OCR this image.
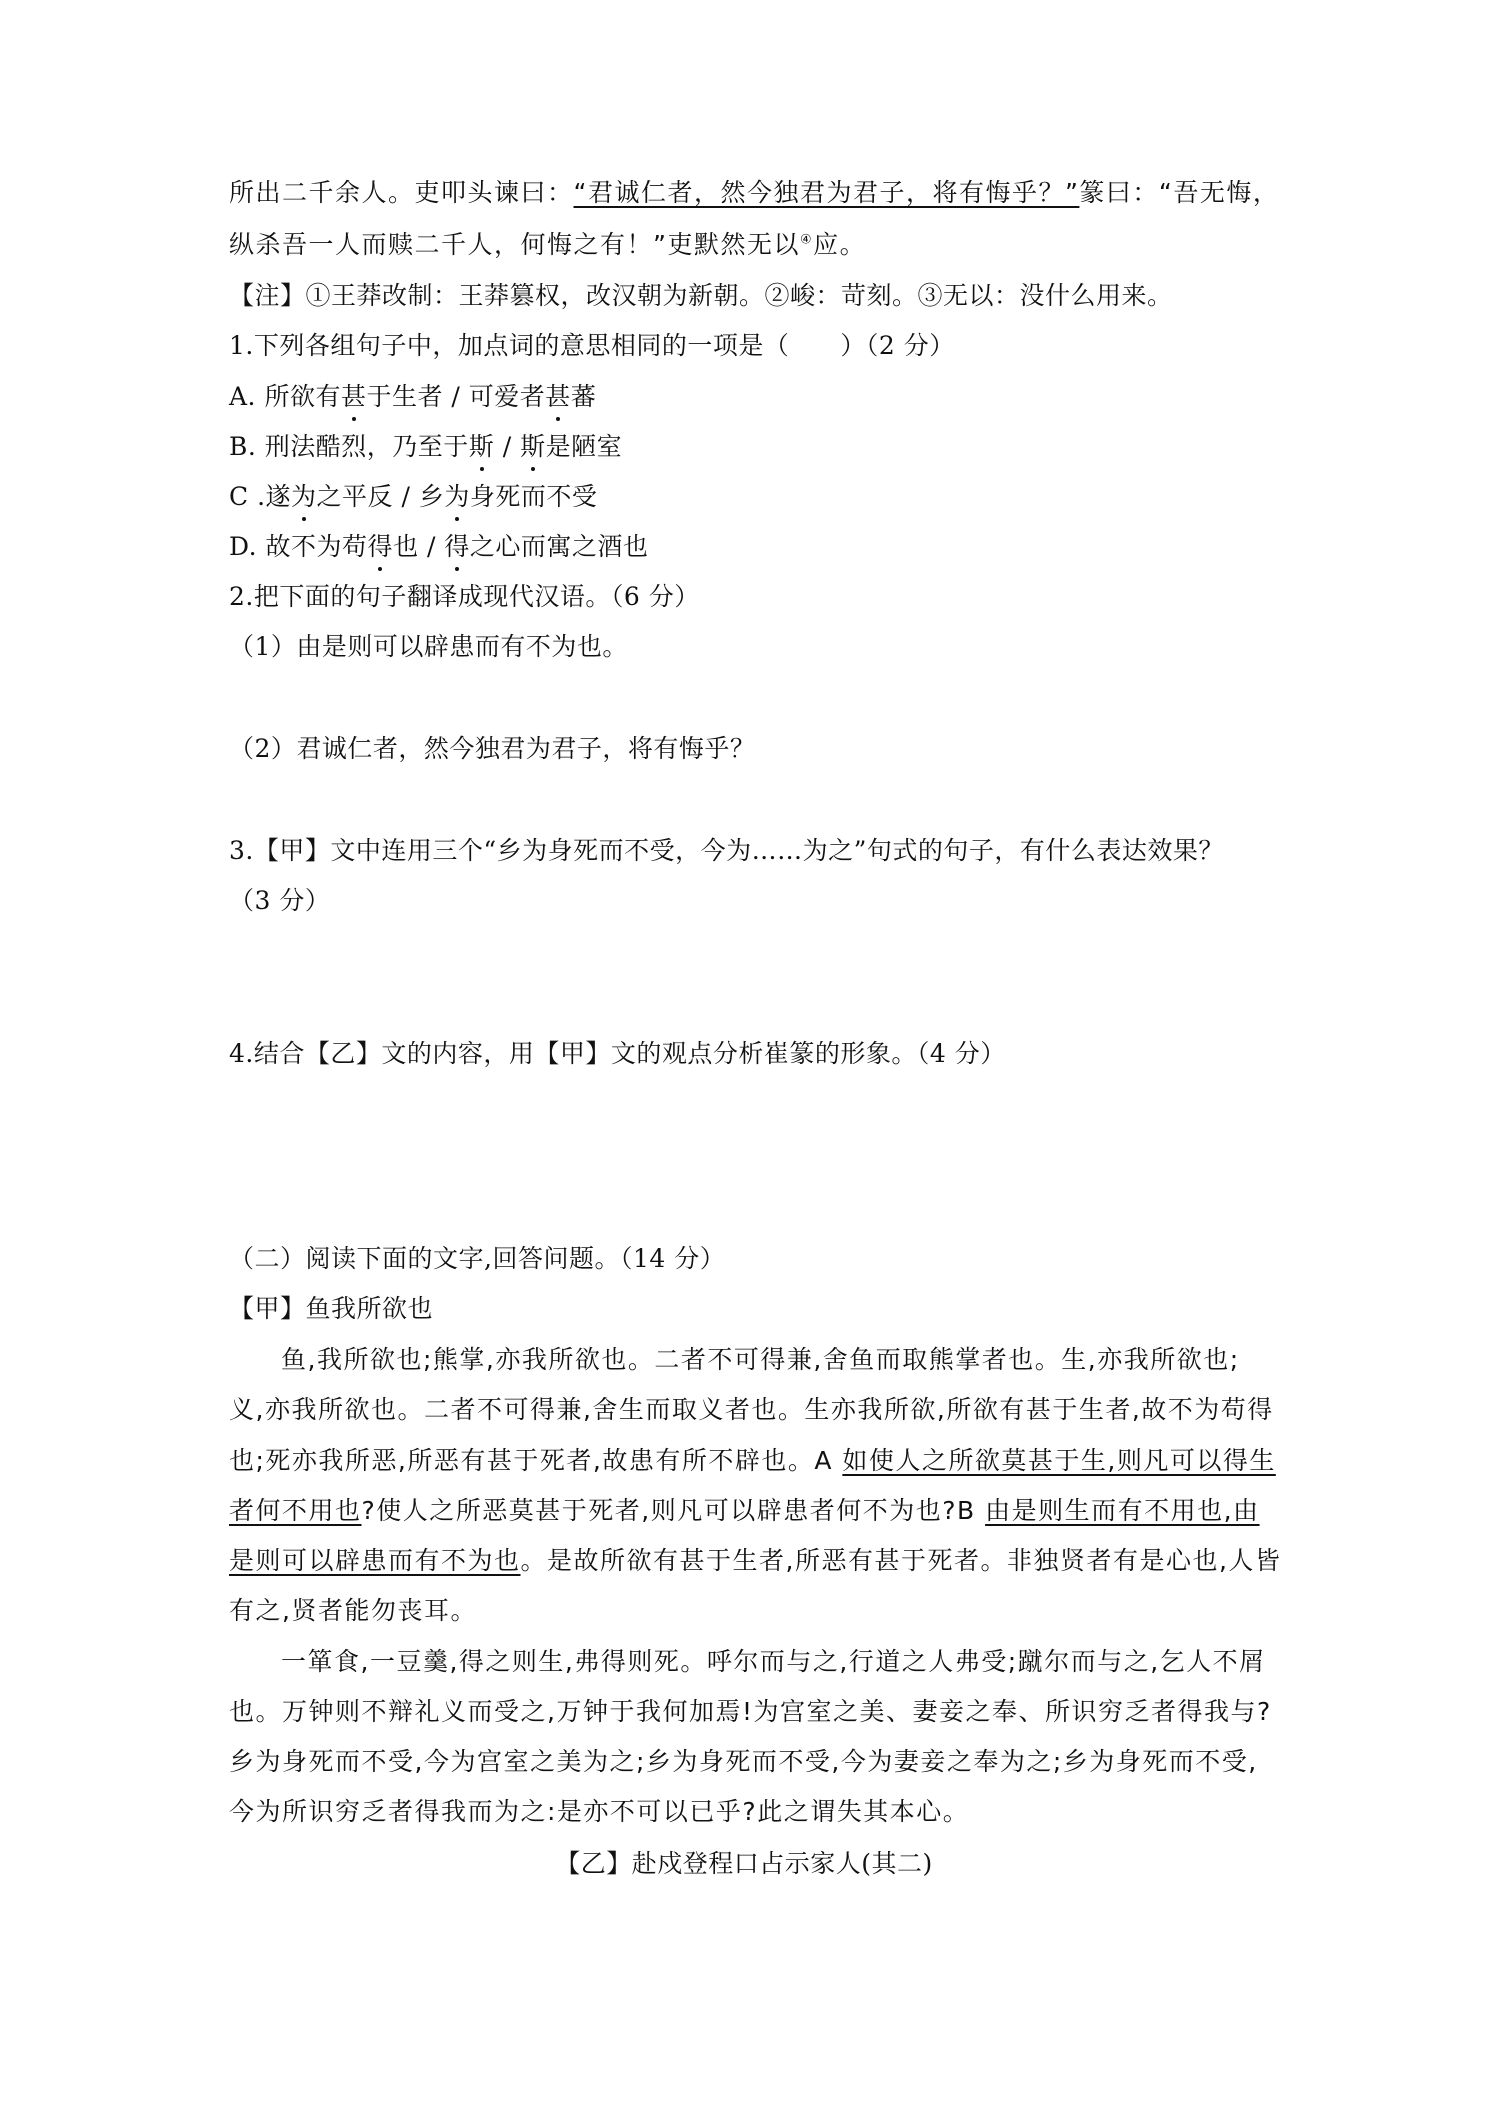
所出二千余人。吏叩头谏曰：“君诚仁者，然今独君为君子，将有悔乎？”篆曰：“吾无悔，
纵杀吾一人而赎二千人，何悔之有！”吏默然无以④应。
【注】①王莽改制：王莽篡权，改汉朝为新朝。②峻：苛刻。③无以：没什么用来。
1.下列各组句子中，加点词的意思相同的一项是（　　）（2 分）
A. 所欲有甚于生者 / 可爱者甚蕃
B. 刑法酷烈，乃至于斯 / 斯是陋室
C .遂为之平反 / 乡为身死而不受
D. 故不为苟得也 / 得之心而寓之酒也
2.把下面的句子翻译成现代汉语。（6 分）
（1）由是则可以辟患而有不为也。
（2）君诚仁者，然今独君为君子，将有悔乎？
3.【甲】文中连用三个“乡为身死而不受，今为……为之”句式的句子，有什么表达效果？
（3 分）
4.结合【乙】文的内容，用【甲】文的观点分析崔篆的形象。（4 分）
（二）阅读下面的文字,回答问题。（14 分）
【甲】鱼我所欲也
鱼,我所欲也;熊掌,亦我所欲也。二者不可得兼,舍鱼而取熊掌者也。生,亦我所欲也;
义,亦我所欲也。二者不可得兼,舍生而取义者也。生亦我所欲,所欲有甚于生者,故不为苟得
也;死亦我所恶,所恶有甚于死者,故患有所不辟也。A 如使人之所欲莫甚于生,则凡可以得生
者何不用也?使人之所恶莫甚于死者,则凡可以辟患者何不为也?B 由是则生而有不用也,由
是则可以辟患而有不为也。是故所欲有甚于生者,所恶有甚于死者。非独贤者有是心也,人皆
有之,贤者能勿丧耳。
一箪食,一豆羹,得之则生,弗得则死。呼尔而与之,行道之人弗受;蹴尔而与之,乞人不屑
也。万钟则不辩礼义而受之,万钟于我何加焉!为宫室之美、妻妾之奉、所识穷乏者得我与?
乡为身死而不受,今为宫室之美为之;乡为身死而不受,今为妻妾之奉为之;乡为身死而不受,
今为所识穷乏者得我而为之:是亦不可以已乎?此之谓失其本心。
【乙】赴戍登程口占示家人(其二)
